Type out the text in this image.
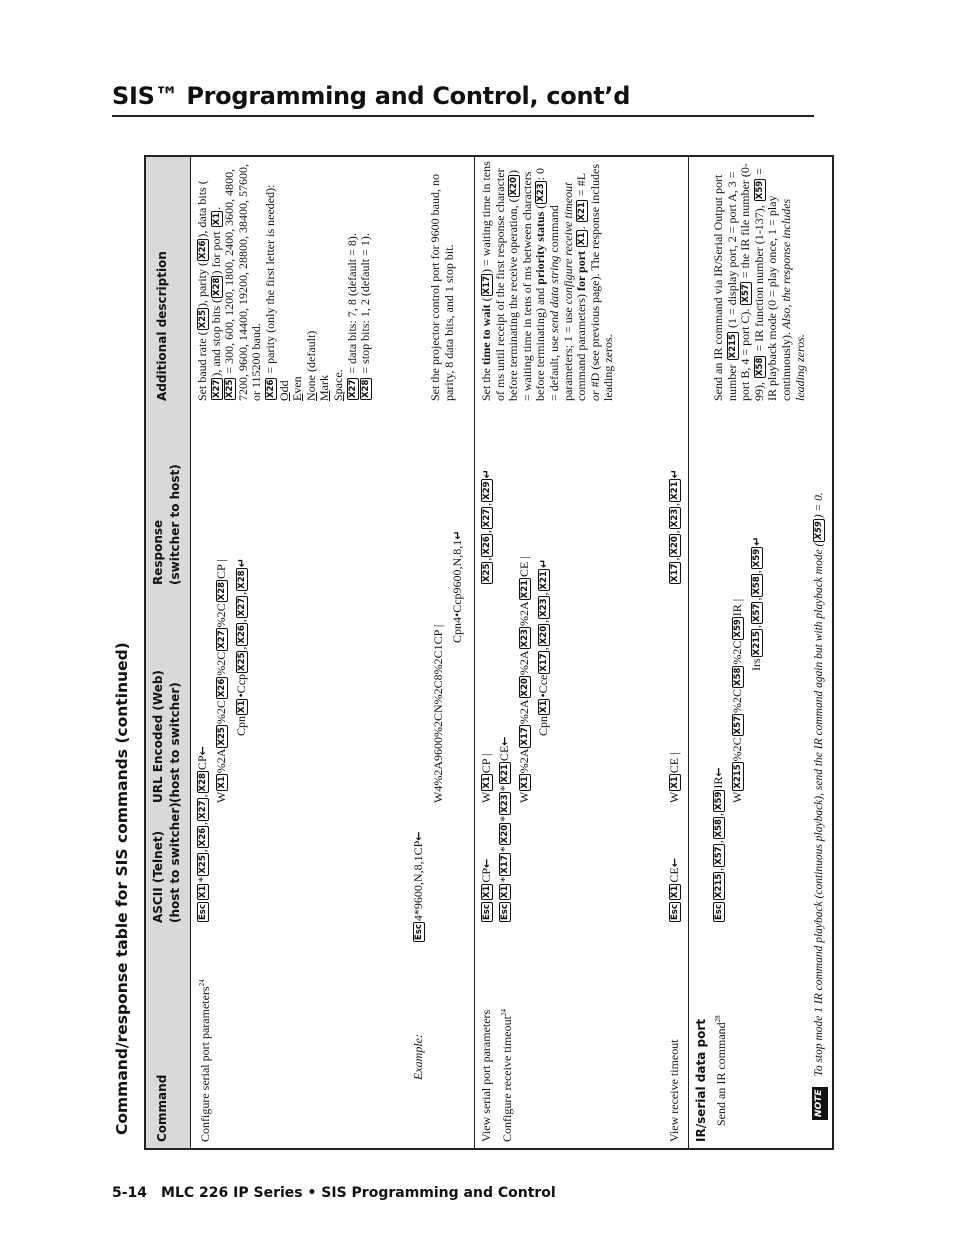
SIS™ Programming and Control, cont’d
Command/response table for SIS commands (continued) Command
ASCII (Telnet) (host to switcher)
URL Encoded (Web) (host to switcher)
Response (switcher to host)
Additional description
Configure serial port parameters$^{24}$
EscX1*X25,X26,X27,X28CP←
WX1%2AX25%2CX26%2CX27%2CX28CP |
CpnX1•CcpX25,X26,X27,X28↵
Set baud rate (X25), parity (X26), data bits (X27), and stop bits (X28) for port X1.
X25 = 300, 600, 1200, 1800, 2400, 3600, 4800, 7200, 9600, 14400, 19200, 28800, 38400, 57600, or 115200 baud. X26 = parity (only the first letter is needed):
Odd
Even
None (default)
Mark
Space. X27 = data bits: 7, 8 (default = 8).
X28 = stop bits: 1, 2 (default = 1).
Example:
Esc4*9600,N,8,1CP←
W4%2A9600%2CN%2C8%2C1CP |
Cpn4•Ccp9600,N,8,1↵
Set the projector control port for 9600 baud, no parity, 8 data bits, and 1 stop bit.
View serial port parameters
EscX1CP←
WX1CP |
X25,X26,X27,X29↵
Configure receive timeout$^{24}$
EscX1*X17*X20*X23*X21CE←
WX1%2AX17%2AX20%2AX23%2AX21CE |
CpnX1•CceX17,X20,X23,X21↵
Set the time to wait (X17) = waiting time in tens of ms until receipt of the first response character before terminating the receive operation, (X20) = waiting time in tens of ms between characters before terminating) and priority status (X23: 0 = default, use send data string command parameters; 1 = use configure receive timeout command parameters) for port X1. X21 = #L or #D (see previous page). The response includes leading zeros.
View receive timeout
EscX1CE←
WX1CE |
X17,X20,X23,X21↵
IR/serial data port Send an IR command$^{28}$
EscX215,X57,X58,X59IR←
WX215%2CX57%2CX58%2CX59IR |
IrsX215,X57,X58,X59↵
Send an IR command via IR/Serial Output port number X215 (1 = display port, 2 = port A, 3 = port B, 4 = port C). X57 = the IR file number (0-99), X58 = IR function number (1-137), X59 = IR playback mode (0 = play once, 1 = play continuously). Also, the response includes leading zeros.
NOTETo stop mode 1 IR command playback (continuous playback), send the IR command again but with playback mode (X59) = 0.
5-14 MLC 226 IP Series • SIS Programming and Control
